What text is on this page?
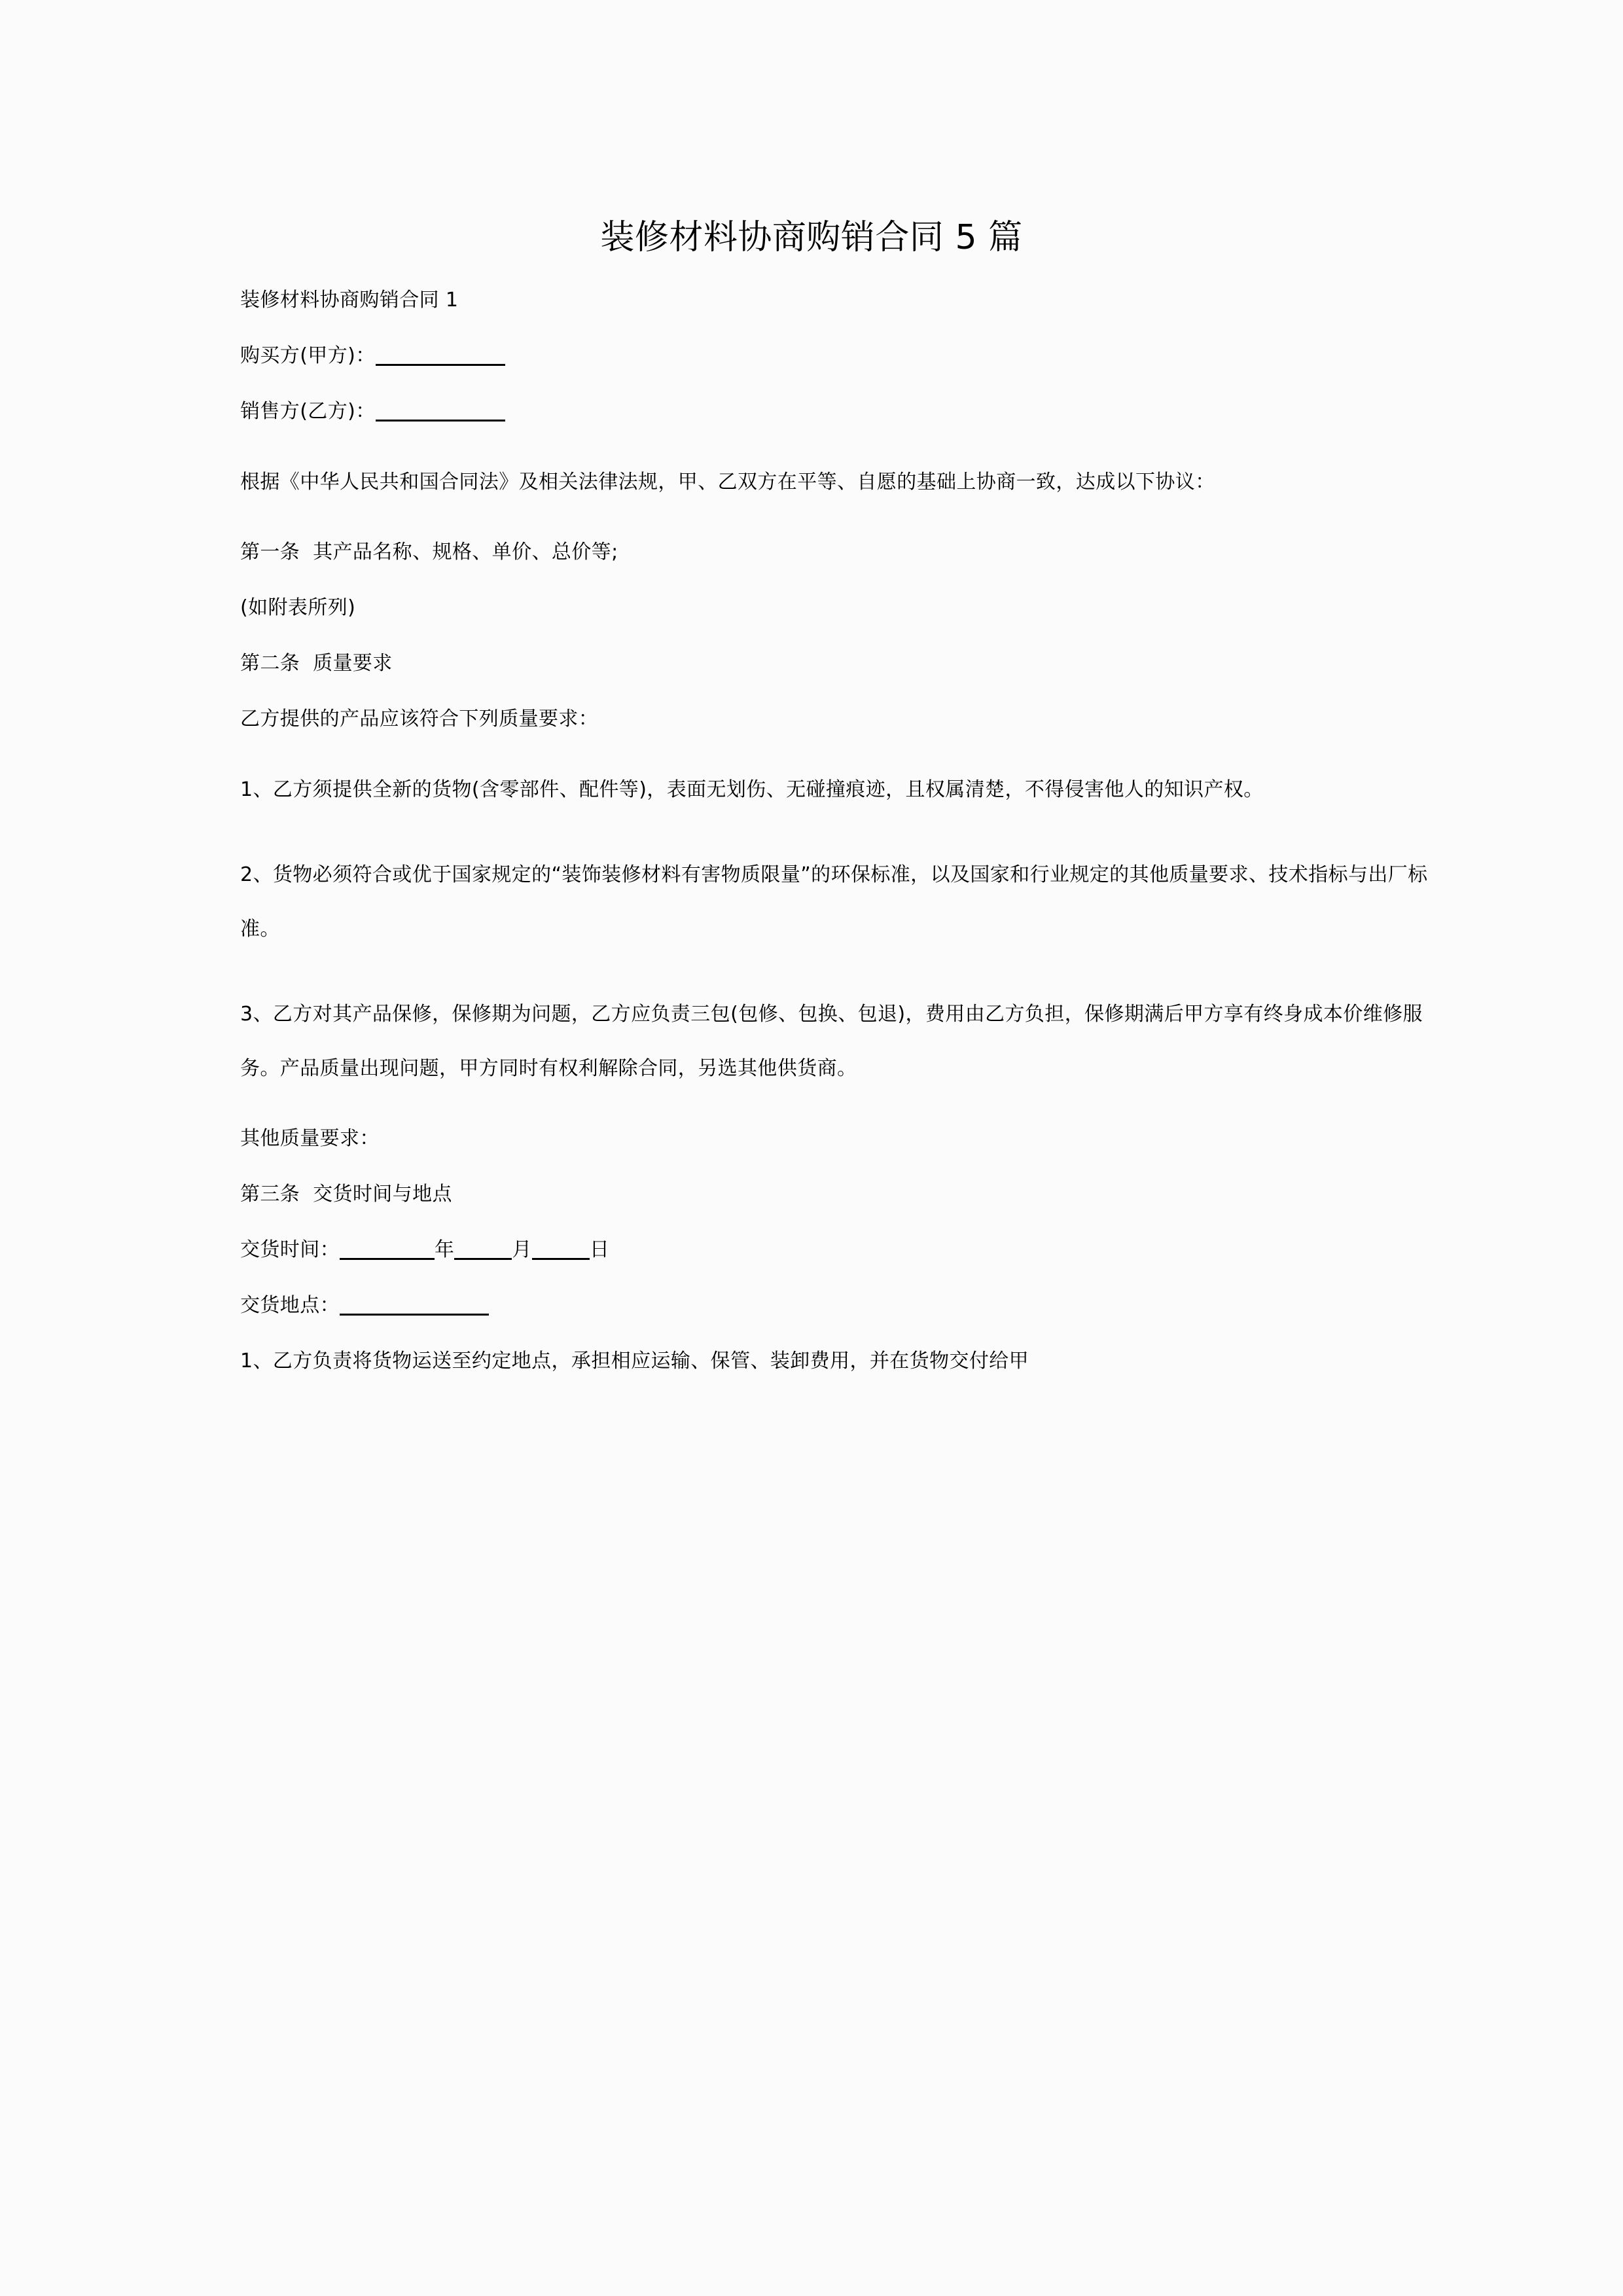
装修材料协商购销合同 5 篇

装修材料协商购销合同 1

购买方(甲方)：

销售方(乙方)：

根据《中华人民共和国合同法》及相关法律法规，甲、乙双方在平等、自愿的基础上协商一致，达成以下协议：

第一条  其产品名称、规格、单价、总价等;

(如附表所列)

第二条  质量要求

乙方提供的产品应该符合下列质量要求：

1、乙方须提供全新的货物(含零部件、配件等)，表面无划伤、无碰撞痕迹，且权属清楚，不得侵害他人的知识产权。

2、货物必须符合或优于国家规定的“装饰装修材料有害物质限量”的环保标准，以及国家和行业规定的其他质量要求、技术指标与出厂标准。

3、乙方对其产品保修，保修期为问题，乙方应负责三包(包修、包换、包退)，费用由乙方负担，保修期满后甲方享有终身成本价维修服务。产品质量出现问题，甲方同时有权利解除合同，另选其他供货商。

其他质量要求：

第三条  交货时间与地点

交货时间：	年	月	日

交货地点：

1、乙方负责将货物运送至约定地点，承担相应运输、保管、装卸费用，并在货物交付给甲
